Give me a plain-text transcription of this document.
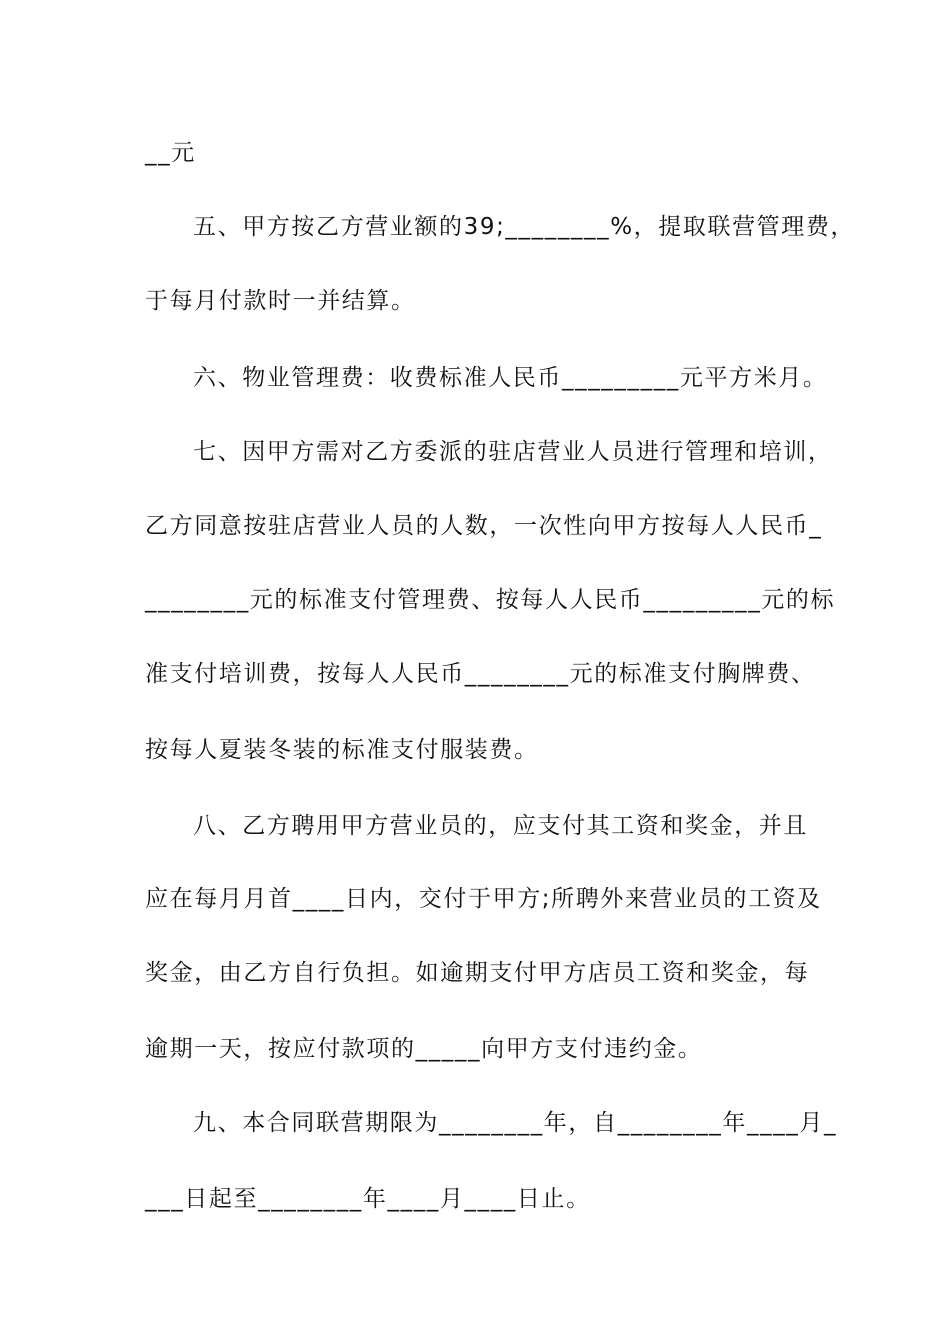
__元
五、甲方按乙方营业额的39;________%，提取联营管理费，
于每月付款时一并结算。
六、物业管理费：收费标准人民币_________元平方米月。
七、因甲方需对乙方委派的驻店营业人员进行管理和培训，
乙方同意按驻店营业人员的人数，一次性向甲方按每人人民币_
________元的标准支付管理费、按每人人民币_________元的标
准支付培训费，按每人人民币________元的标准支付胸牌费、
按每人夏装冬装的标准支付服装费。
八、乙方聘用甲方营业员的，应支付其工资和奖金，并且
应在每月月首____日内，交付于甲方;所聘外来营业员的工资及
奖金，由乙方自行负担。如逾期支付甲方店员工资和奖金，每
逾期一天，按应付款项的_____向甲方支付违约金。
九、本合同联营期限为________年，自________年____月_
___日起至________年____月____日止。
